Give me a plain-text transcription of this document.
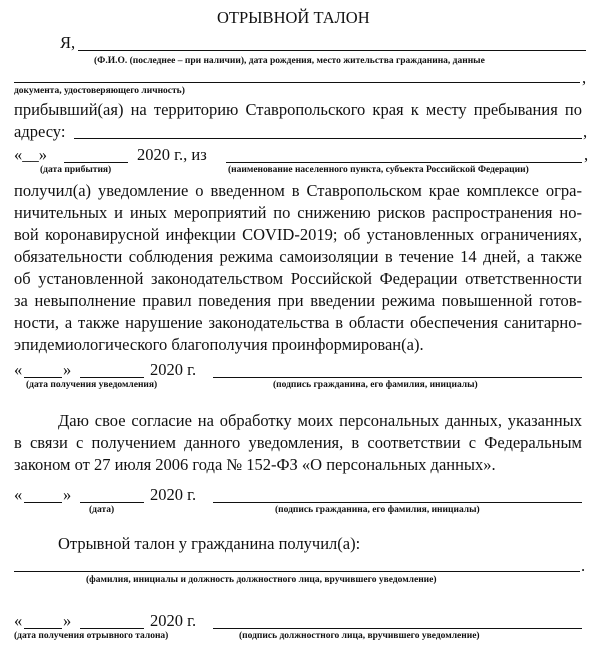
ОТРЫВНОЙ ТАЛОН
Я,
(Ф.И.О. (последнее – при наличии), дата рождения, место жительства гражданина, данные
,
документа, удостоверяющего личность)
прибывший(ая) на территорию Ставропольского края к месту пребывания по
адресу:	,
«__»	2020 г., из	,
(дата прибытия)	(наименование населенного пункта, субъекта Российской Федерации)
получил(а) уведомление о введенном в Ставропольском крае комплексе огра-
ничительных и иных мероприятий по снижению рисков распространения но-
вой коронавирусной инфекции COVID-2019; об установленных ограничениях,
обязательности соблюдения режима самоизоляции в течение 14 дней, а также
об установленной законодательством Российской Федерации ответственности
за невыполнение правил поведения при введении режима повышенной готов-
ности, а также нарушение законодательства в области обеспечения санитарно-
эпидемиологического благополучия проинформирован(а).
« »	2020 г.
(дата получения уведомления)	(подпись гражданина, его фамилия, инициалы)
Даю свое согласие на обработку моих персональных данных, указанных
в связи с получением данного уведомления, в соответствии с Федеральным
законом от 27 июля 2006 года № 152-ФЗ «О персональных данных».
« »	2020 г.
(дата)	(подпись гражданина, его фамилия, инициалы)
Отрывной талон у гражданина получил(а):
.
(фамилия, инициалы и должность должностного лица, вручившего уведомление)
« »	2020 г.
(дата получения отрывного талона)	(подпись должностного лица, вручившего уведомление)
